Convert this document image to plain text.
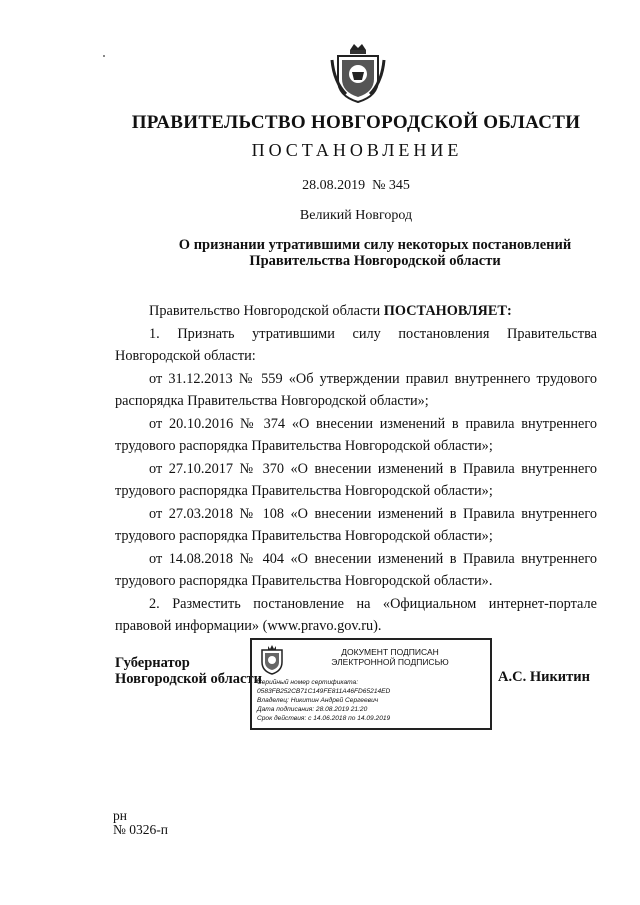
ПРАВИТЕЛЬСТВО НОВГОРОДСКОЙ ОБЛАСТИ
ПОСТАНОВЛЕНИЕ
28.08.2019  № 345
Великий Новгород
О признании утратившими силу некоторых постановлений
Правительства Новгородской области
Правительство Новгородской области ПОСТАНОВЛЯЕТ:
1. Признать утратившими силу постановления Правительства Новгородской области:
от 31.12.2013 № 559 «Об утверждении правил внутреннего трудового распорядка Правительства Новгородской области»;
от 20.10.2016 № 374 «О внесении изменений в правила внутреннего трудового распорядка Правительства Новгородской области»;
от 27.10.2017 № 370 «О внесении изменений в Правила внутреннего трудового распорядка Правительства Новгородской области»;
от 27.03.2018 № 108 «О внесении изменений в Правила внутреннего трудового распорядка Правительства Новгородской области»;
от 14.08.2018 № 404 «О внесении изменений в Правила внутреннего трудового распорядка Правительства Новгородской области».
2. Разместить постановление на «Официальном интернет-портале правовой информации» (www.pravo.gov.ru).
Губернатор
Новгородской области
ДОКУМЕНТ ПОДПИСАН
ЭЛЕКТРОННОЙ ПОДПИСЬЮ
Серийный номер сертификата:
0583FB252CB71C149FE811A46FD65214ED
Владелец: Никитин Андрей Сергеевич
Дата подписания: 28.08.2019 21:20
Срок действия: с 14.06.2018 по 14.09.2019
А.С. Никитин
рн
№ 0326-п
